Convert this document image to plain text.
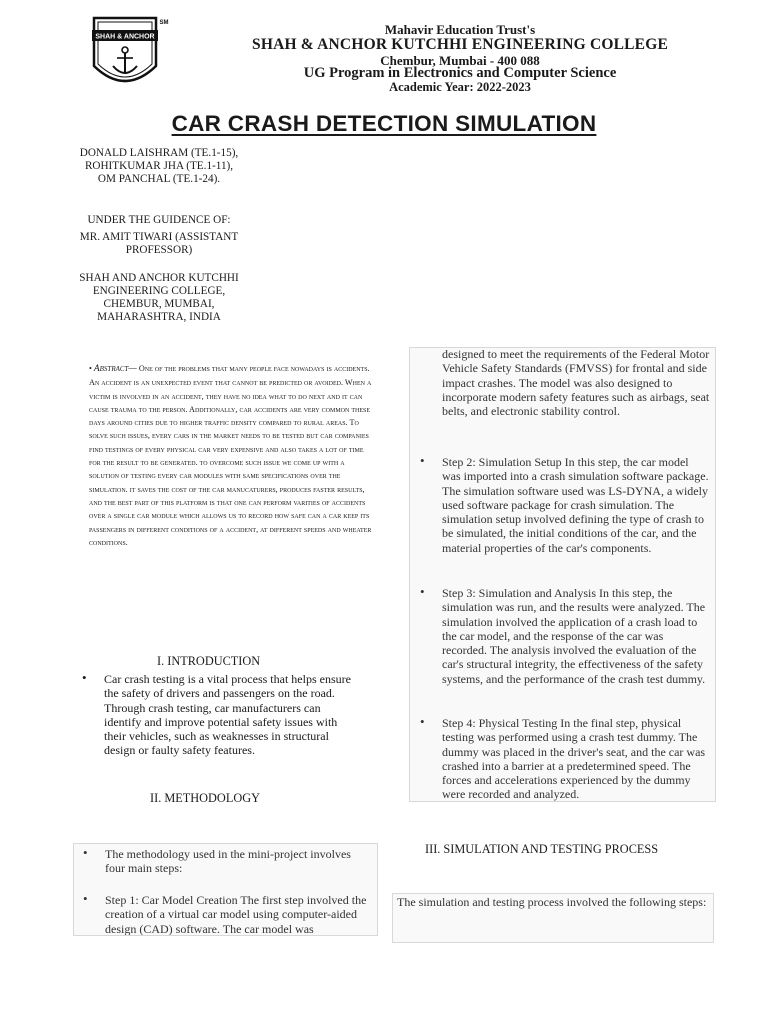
SHAH & ANCHOR
SM	Mahavir Education Trust's
SHAH & ANCHOR KUTCHHI ENGINEERING COLLEGE
Chembur, Mumbai - 400 088
UG Program in Electronics and Computer Science
Academic Year: 2022-2023
CAR CRASH DETECTION SIMULATION
DONALD LAISHRAM (TE.1-15),
ROHITKUMAR JHA (TE.1-11),
OM PANCHAL (TE.1-24).
UNDER THE GUIDENCE OF:
MR. AMIT TIWARI (ASSISTANT PROFESSOR)
SHAH AND ANCHOR KUTCHHI
ENGINEERING COLLEGE,
CHEMBUR, MUMBAI,
MAHARASHTRA, INDIA
• Abstract— One of the problems that many people face nowadays is accidents. An accident is an unexpected event that cannot be predicted or avoided. When a victim is involved in an accident, they have no idea what to do next and it can cause trauma to the person. Additionally, car accidents are very common these days around cities due to higher traffic density compared to rural areas. To solve such issues, every cars in the market needs to be tested but car companies find testings of every physical car very expensive and also takes a lot of time for the result to be generated. to overcome such issue we come up with a solution of testing every car modules with same specifications over the simulation. it saves the cost of the car manucaturers, produces faster results, and the best part of this platform is that one can perform varities of accidents over a single car module which allows us to record how safe can a car keep its passengers in different conditions of a accident, at different speeds and wheater conditions.
I. INTRODUCTION
• Car crash testing is a vital process that helps ensure the safety of drivers and passengers on the road. Through crash testing, car manufacturers can identify and improve potential safety issues with their vehicles, such as weaknesses in structural design or faulty safety features.
II. METHODOLOGY
• The methodology used in the mini-project involves four main steps:
• Step 1: Car Model Creation The first step involved the creation of a virtual car model using computer-aided design (CAD) software. The car model was
designed to meet the requirements of the Federal Motor Vehicle Safety Standards (FMVSS) for frontal and side impact crashes. The model was also designed to incorporate modern safety features such as airbags, seat belts, and electronic stability control.
• Step 2: Simulation Setup In this step, the car model was imported into a crash simulation software package. The simulation software used was LS-DYNA, a widely used software package for crash simulation. The simulation setup involved defining the type of crash to be simulated, the initial conditions of the car, and the material properties of the car's components.
• Step 3: Simulation and Analysis In this step, the simulation was run, and the results were analyzed. The simulation involved the application of a crash load to the car model, and the response of the car was recorded. The analysis involved the evaluation of the car's structural integrity, the effectiveness of the safety systems, and the performance of the crash test dummy.
• Step 4: Physical Testing In the final step, physical testing was performed using a crash test dummy. The dummy was placed in the driver's seat, and the car was crashed into a barrier at a predetermined speed. The forces and accelerations experienced by the dummy were recorded and analyzed.
III. SIMULATION AND TESTING PROCESS
The simulation and testing process involved the following steps:
